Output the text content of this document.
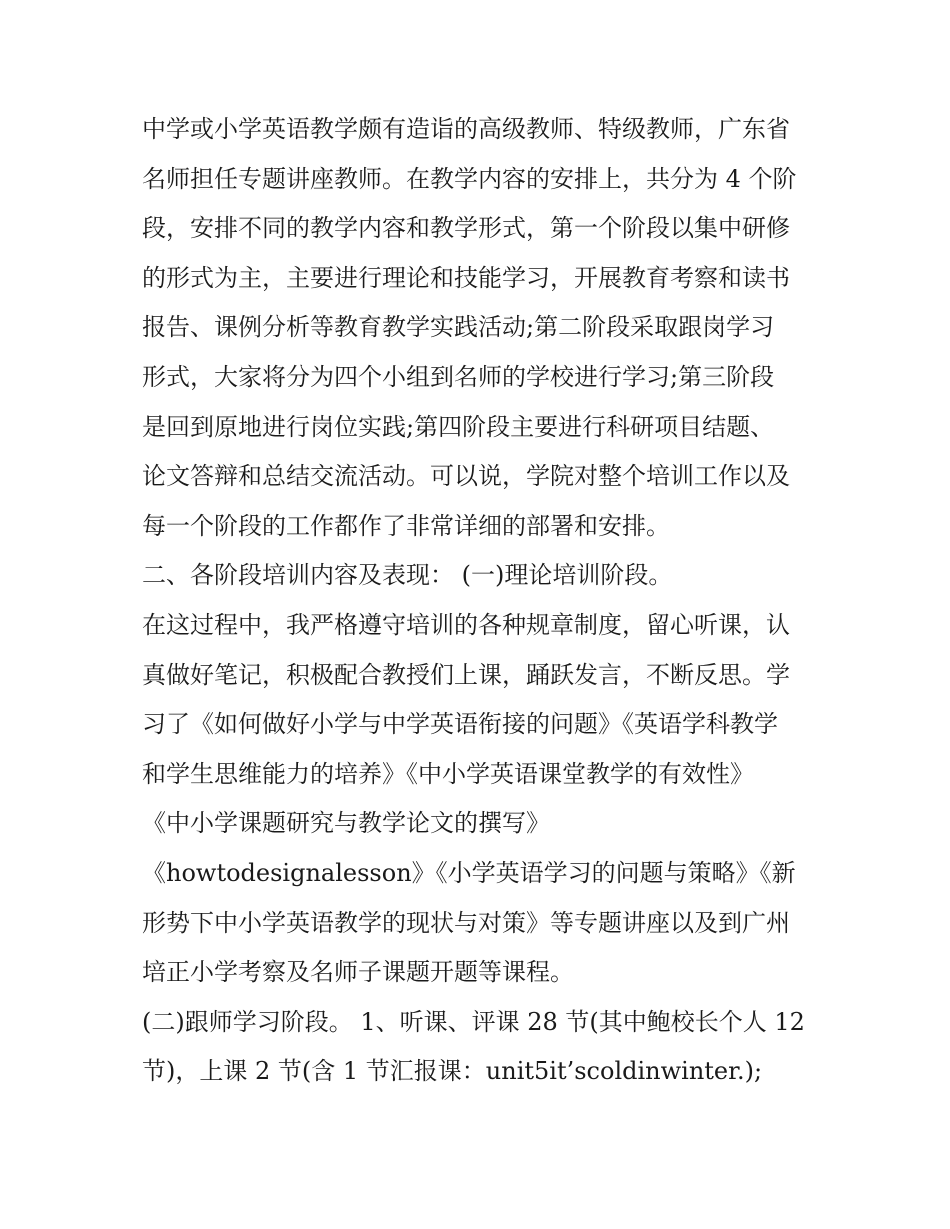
中学或小学英语教学颇有造诣的高级教师、特级教师，广东省
名师担任专题讲座教师。在教学内容的安排上，共分为 4 个阶
段，安排不同的教学内容和教学形式，第一个阶段以集中研修
的形式为主，主要进行理论和技能学习，开展教育考察和读书
报告、课例分析等教育教学实践活动;第二阶段采取跟岗学习
形式，大家将分为四个小组到名师的学校进行学习;第三阶段
是回到原地进行岗位实践;第四阶段主要进行科研项目结题、
论文答辩和总结交流活动。可以说，学院对整个培训工作以及
每一个阶段的工作都作了非常详细的部署和安排。
二、各阶段培训内容及表现： (一)理论培训阶段。
在这过程中，我严格遵守培训的各种规章制度，留心听课，认
真做好笔记，积极配合教授们上课，踊跃发言，不断反思。学
习了《如何做好小学与中学英语衔接的问题》《英语学科教学
和学生思维能力的培养》《中小学英语课堂教学的有效性》
《中小学课题研究与教学论文的撰写》
《howtodesignalesson》《小学英语学习的问题与策略》《新
形势下中小学英语教学的现状与对策》等专题讲座以及到广州
培正小学考察及名师子课题开题等课程。
(二)跟师学习阶段。 1、听课、评课 28 节(其中鲍校长个人 12
节)，上课 2 节(含 1 节汇报课：unit5it’scoldinwinter.);
